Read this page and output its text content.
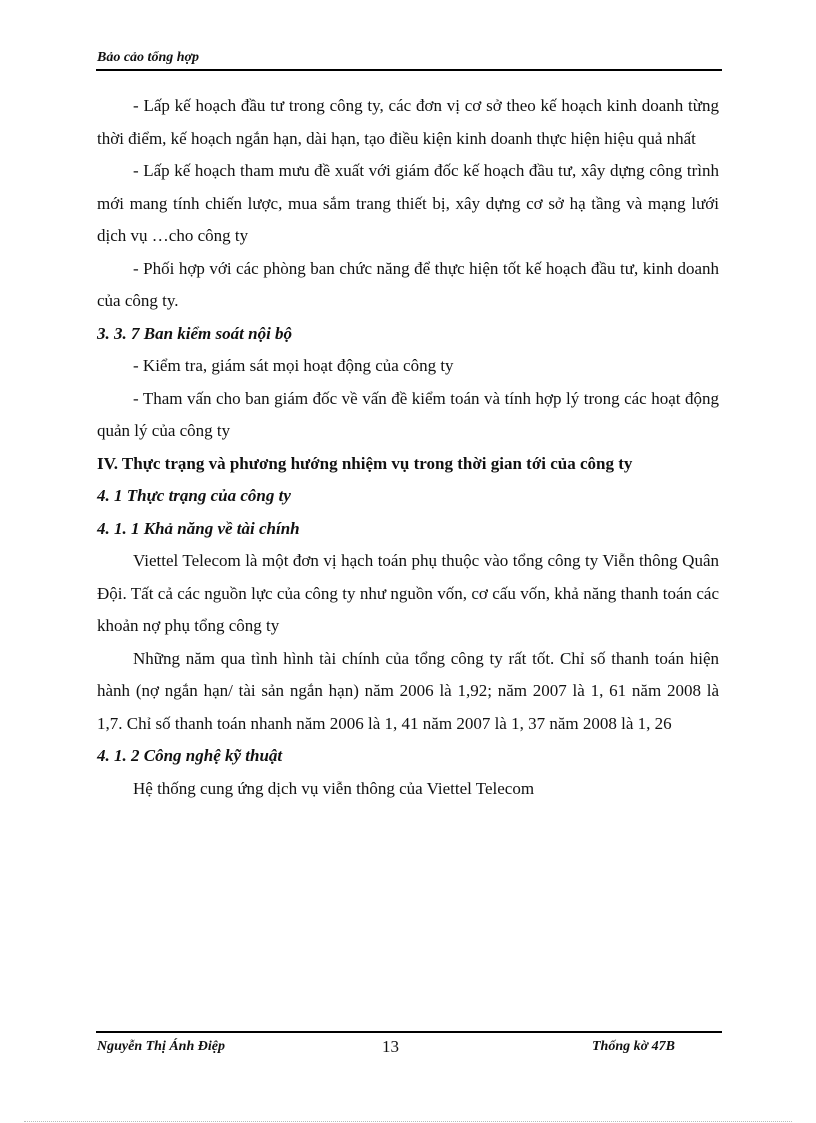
Bảo cảo tổng hợp

- Lấp kế hoạch đầu tư trong công ty, các đơn vị cơ sở theo kế hoạch kinh doanh từng thời điểm, kế hoạch ngắn hạn, dài hạn, tạo điều kiện kinh doanh thực hiện hiệu quả nhất

- Lấp kế hoạch tham mưu đề xuất với giám đốc kế hoạch đầu tư, xây dựng công trình mới mang tính chiến lược, mua sắm trang thiết bị, xây dựng cơ sở hạ tầng và mạng lưới dịch vụ …cho công ty

- Phối hợp với các phòng ban chức năng để thực hiện tốt kế hoạch đầu tư, kinh doanh của công ty.

3. 3. 7 Ban kiểm soát nội bộ

- Kiểm tra, giám sát mọi hoạt động của công ty

- Tham vấn cho ban giám đốc về vấn đề kiểm toán và tính hợp lý trong các hoạt động quản lý của công ty

IV. Thực trạng và phương hướng nhiệm vụ trong thời gian tới của công ty

4. 1 Thực trạng của công ty

4. 1. 1 Khả năng về tài chính

Viettel Telecom là một đơn vị hạch toán phụ thuộc vào tổng công ty Viễn thông Quân Đội. Tất cả các nguồn lực của công ty như nguồn vốn, cơ cấu vốn, khả năng thanh toán các khoản nợ phụ tổng công ty

Những năm qua tình hình tài chính của tổng công ty rất tốt. Chỉ số thanh toán hiện hành (nợ ngắn hạn/ tài sản ngắn hạn) năm 2006 là 1,92; năm 2007 là 1, 61 năm 2008 là 1,7. Chỉ số thanh toán nhanh năm 2006 là 1, 41 năm 2007 là 1, 37 năm 2008 là 1, 26

4. 1. 2 Công nghệ kỹ thuật

Hệ thống cung ứng dịch vụ viễn thông của Viettel Telecom

Nguyễn Thị Ánh Điệp	13	Thống kờ 47B
